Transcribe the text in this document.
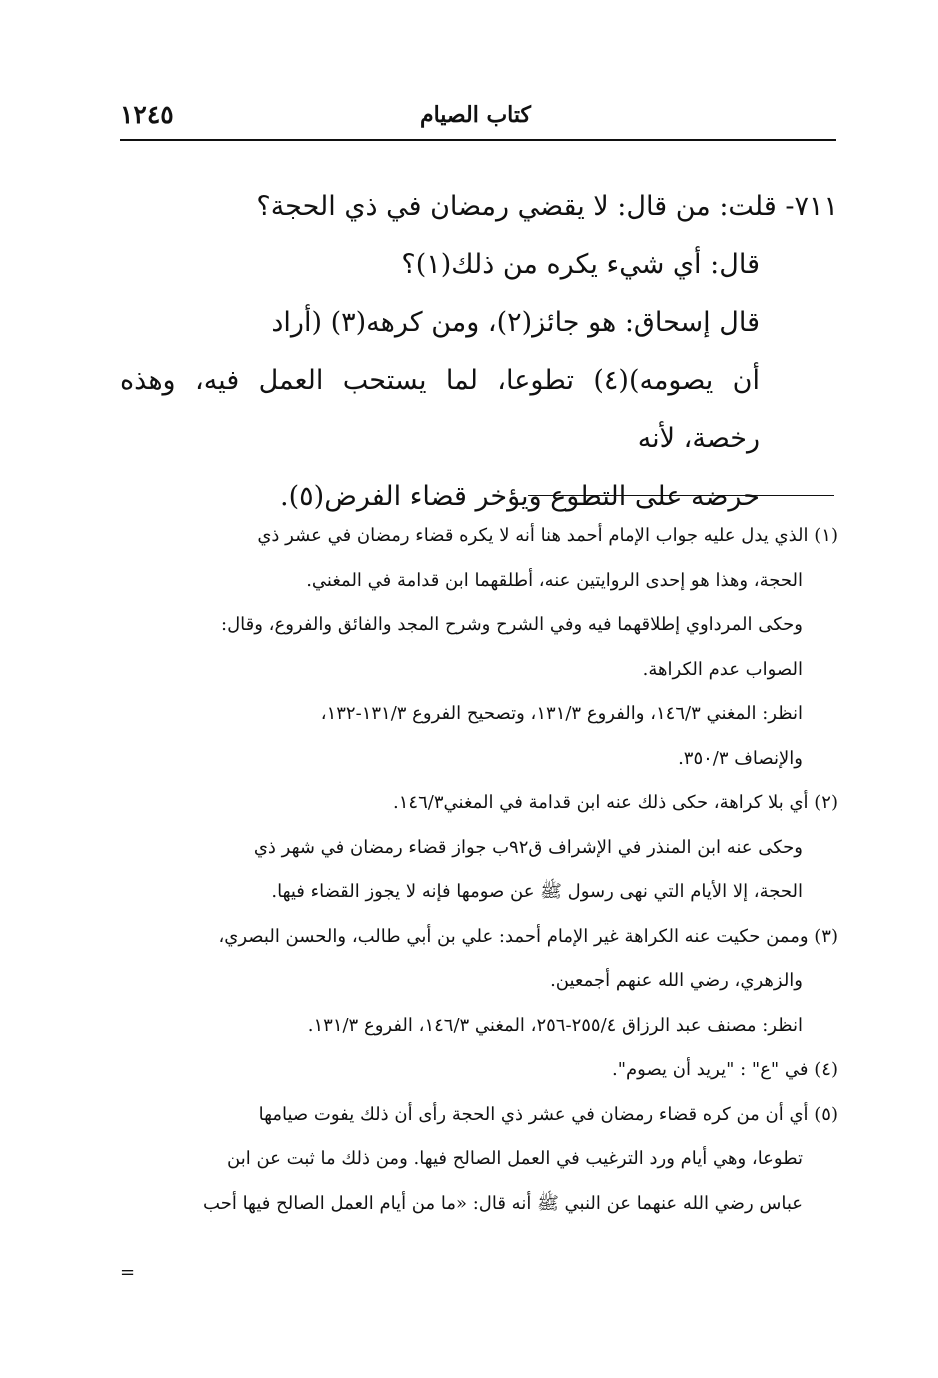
كتاب الصيام
١٢٤٥

٧١١- قلت: من قال: لا يقضي رمضان في ذي الحجة؟

قال: أي شيء يكره من ذلك(١)؟

قال إسحاق: هو جائز(٢)، ومن كرهه(٣) (أراد

أن يصومه)(٤) تطوعا، لما يستحب العمل فيه، وهذه رخصة، لأنه

حرضه على التطوع ويؤخر قضاء الفرض(٥).

(١) الذي يدل عليه جواب الإمام أحمد هنا أنه لا يكره قضاء رمضان في عشر ذي

الحجة، وهذا هو إحدى الروايتين عنه، أطلقهما ابن قدامة في المغني.

وحكى المرداوي إطلاقهما فيه وفي الشرح وشرح المجد والفائق والفروع، وقال:

الصواب عدم الكراهة.

انظر: المغني ١٤٦/٣، والفروع ١٣١/٣، وتصحيح الفروع ١٣١/٣-١٣٢،

والإنصاف ٣٥٠/٣.

(٢) أي بلا كراهة، حكى ذلك عنه ابن قدامة في المغني١٤٦/٣.

وحكى عنه ابن المنذر في الإشراف ق٩٢ب جواز قضاء رمضان في شهر ذي

الحجة، إلا الأيام التي نهى رسول ﷺ عن صومها فإنه لا يجوز القضاء فيها.

(٣) وممن حكيت عنه الكراهة غير الإمام أحمد: علي بن أبي طالب، والحسن البصري،

والزهري، رضي الله عنهم أجمعين.

انظر: مصنف عبد الرزاق ٢٥٥/٤-٢٥٦، المغني ١٤٦/٣، الفروع ١٣١/٣.

(٤) في "ع" : "يريد أن يصوم".

(٥) أي أن من كره قضاء رمضان في عشر ذي الحجة رأى أن ذلك يفوت صيامها

تطوعا، وهي أيام ورد الترغيب في العمل الصالح فيها. ومن ذلك ما ثبت عن ابن

عباس رضي الله عنهما عن النبي ﷺ أنه قال: «ما من أيام العمل الصالح فيها أحب

=
